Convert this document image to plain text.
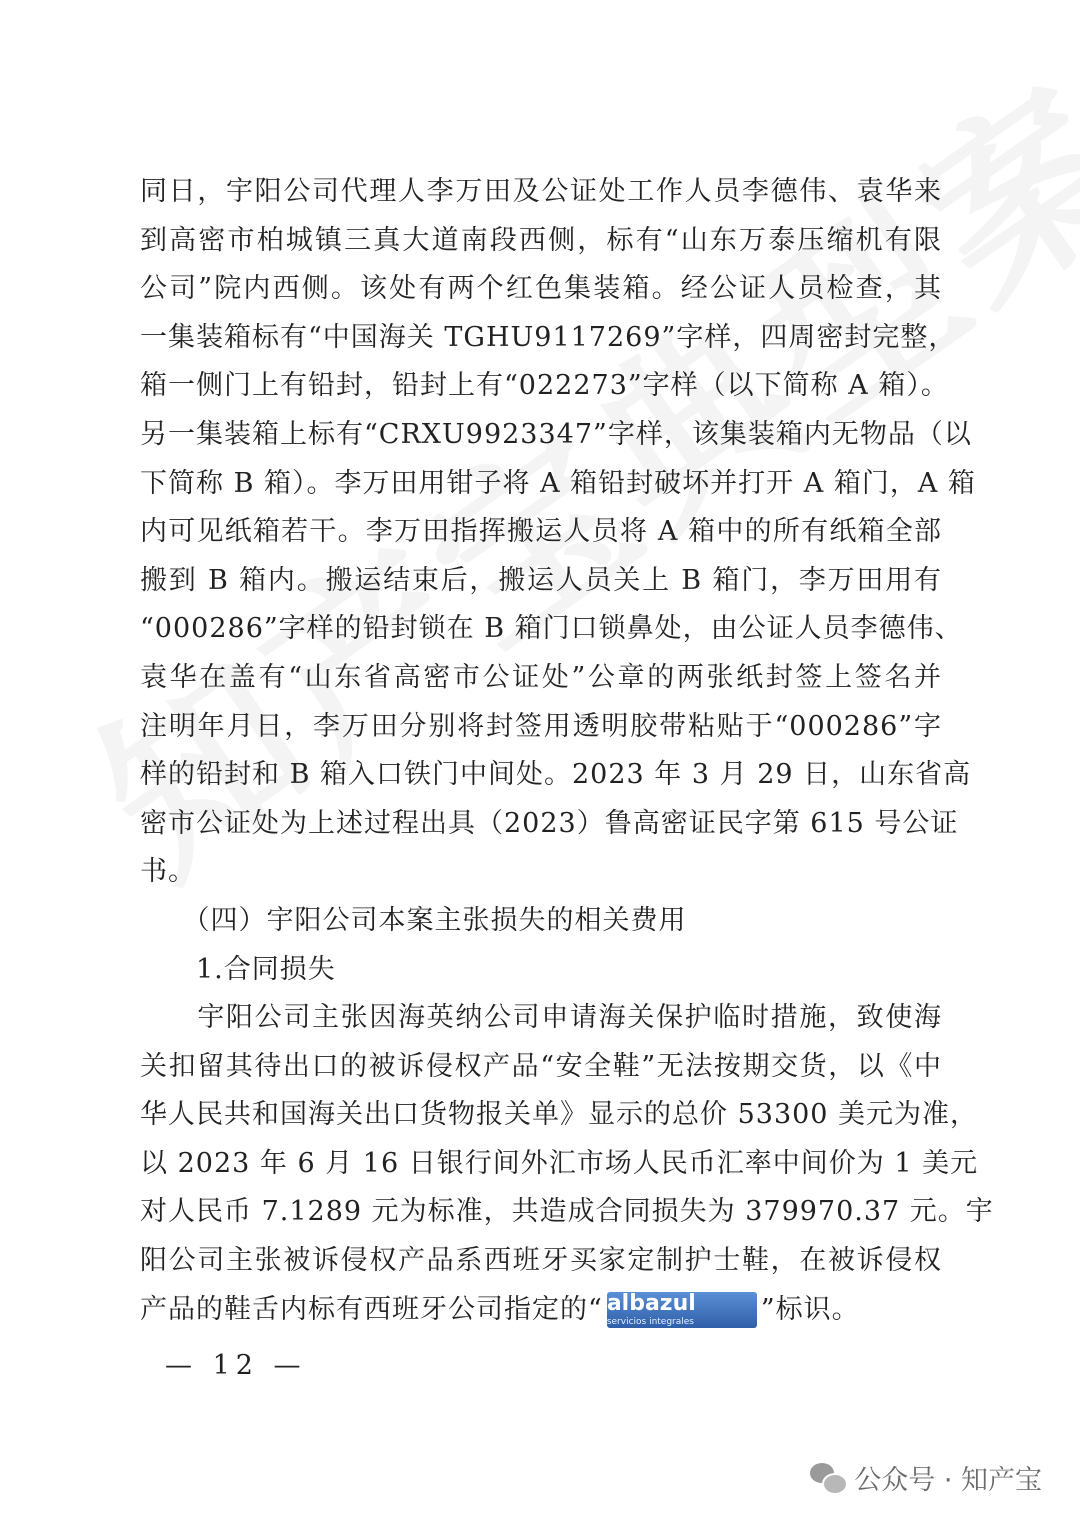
同日，宇阳公司代理人李万田及公证处工作人员李德伟、袁华来
到高密市柏城镇三真大道南段西侧，标有“山东万泰压缩机有限
公司”院内西侧。该处有两个红色集装箱。经公证人员检查，其
一集装箱标有“中国海关 TGHU9117269”字样，四周密封完整，
箱一侧门上有铅封，铅封上有“022273”字样（以下简称 A 箱）。
另一集装箱上标有“CRXU9923347”字样，该集装箱内无物品（以
下简称 B 箱）。李万田用钳子将 A 箱铅封破坏并打开 A 箱门，A 箱
内可见纸箱若干。李万田指挥搬运人员将 A 箱中的所有纸箱全部
搬到 B 箱内。搬运结束后，搬运人员关上 B 箱门，李万田用有
“000286”字样的铅封锁在 B 箱门口锁鼻处，由公证人员李德伟、
袁华在盖有“山东省高密市公证处”公章的两张纸封签上签名并
注明年月日，李万田分别将封签用透明胶带粘贴于“000286”字
样的铅封和 B 箱入口铁门中间处。2023 年 3 月 29 日，山东省高
密市公证处为上述过程出具（2023）鲁高密证民字第 615 号公证
书。
　　（四）宇阳公司本案主张损失的相关费用
　　1.合同损失
　　宇阳公司主张因海英纳公司申请海关保护临时措施，致使海
关扣留其待出口的被诉侵权产品“安全鞋”无法按期交货，以《中
华人民共和国海关出口货物报关单》显示的总价 53300 美元为准，
以 2023 年 6 月 16 日银行间外汇市场人民币汇率中间价为 1 美元
对人民币 7.1289 元为标准，共造成合同损失为 379970.37 元。宇
阳公司主张被诉侵权产品系西班牙买家定制护士鞋，在被诉侵权
产品的鞋舌内标有西班牙公司指定的“ albazul
servicios integrales	”标识。
— 12 —
公众号 · 知产宝
